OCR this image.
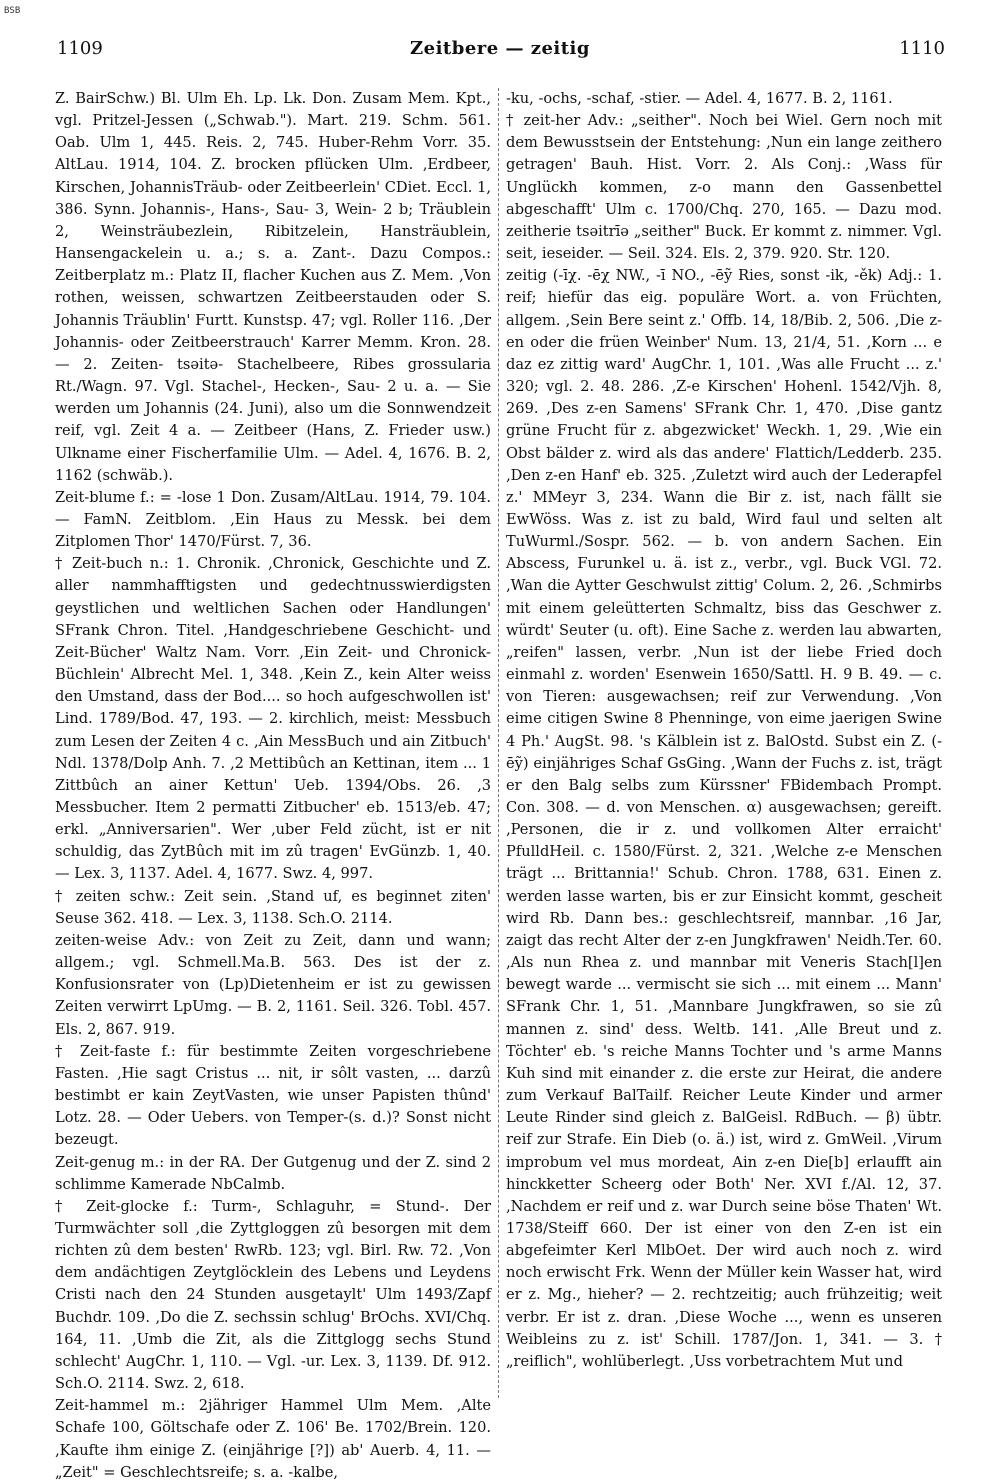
BSB
1109	Zeitbere — zeitig	1110

Z. BairSchw.) Bl. Ulm Eh. Lp. Lk. Don. Zusam Mem. Kpt., vgl. Pritzel-Jessen („Schwab."). Mart. 219. Schm. 561. Oab. Ulm 1, 445. Reis. 2, 745. Huber-Rehm Vorr. 35. AltLau. 1914, 104. Z. brocken pflücken Ulm. ‚Erdbeer, Kirschen, JohannisTräub- oder Zeitbeerlein' CDiet. Eccl. 1, 386. Synn. Johannis-, Hans-, Sau- 3, Wein- 2 b; Träublein 2, Weinsträubezlein, Ribitzelein, Hansträublein, Hansengackelein u. a.; s. a. Zant-. Dazu Compos.: Zeitberplatz m.: Platz II, flacher Kuchen aus Z. Mem. ‚Von rothen, weissen, schwartzen Zeitbeerstauden oder S. Johannis Träublin' Furtt. Kunstsp. 47; vgl. Roller 116. ‚Der Johannis- oder Zeitbeerstrauch' Karrer Memm. Kron. 28. — 2. Zeiten- tsəitə- Stachelbeere, Ribes grossularia Rt./Wagn. 97. Vgl. Stachel-, Hecken-, Sau- 2 u. a. — Sie werden um Johannis (24. Juni), also um die Sonnwendzeit reif, vgl. Zeit 4 a. — Zeitbeer (Hans, Z. Frieder usw.) Ulkname einer Fischerfamilie Ulm. — Adel. 4, 1676. B. 2, 1162 (schwäb.).

Zeit-blume f.: = -lose 1 Don. Zusam/AltLau. 1914, 79. 104. — FamN. Zeitblom. ‚Ein Haus zu Messk. bei dem Zitplomen Thor' 1470/Fürst. 7, 36.

† Zeit-buch n.: 1. Chronik. ‚Chronick, Geschichte und Z. aller nammhafftigsten und gedechtnusswierdigsten geystlichen und weltlichen Sachen oder Handlungen' SFrank Chron. Titel. ‚Handgeschriebene Geschicht- und Zeit-Bücher' Waltz Nam. Vorr. ‚Ein Zeit- und Chronick-Büchlein' Albrecht Mel. 1, 348. ‚Kein Z., kein Alter weiss den Umstand, dass der Bod.... so hoch aufgeschwollen ist' Lind. 1789/Bod. 47, 193. — 2. kirchlich, meist: Messbuch zum Lesen der Zeiten 4 c. ‚Ain MessBuch und ain Zitbuch' Ndl. 1378/Dolp Anh. 7. ‚2 Mettibûch an Kettinan, item ... 1 Zittbûch an ainer Kettun' Ueb. 1394/Obs. 26. ‚3 Messbucher. Item 2 permatti Zitbucher' eb. 1513/eb. 47; erkl. „Anniversarien". Wer ‚uber Feld zücht, ist er nit schuldig, das ZytBûch mit im zû tragen' EvGünzb. 1, 40. — Lex. 3, 1137. Adel. 4, 1677. Swz. 4, 997.

† zeiten schw.: Zeit sein. ‚Stand uf, es beginnet ziten' Seuse 362. 418. — Lex. 3, 1138. Sch.O. 2114.

zeiten-weise Adv.: von Zeit zu Zeit, dann und wann; allgem.; vgl. Schmell.Ma.B. 563. Des ist der z. Konfusionsrater von (Lp)Dietenheim er ist zu gewissen Zeiten verwirrt LpUmg. — B. 2, 1161. Seil. 326. Tobl. 457. Els. 2, 867. 919.

† Zeit-faste f.: für bestimmte Zeiten vorgeschriebene Fasten. ‚Hie sagt Cristus ... nit, ir sôlt vasten, ... darzû bestimbt er kain ZeytVasten, wie unser Papisten thûnd' Lotz. 28. — Oder Uebers. von Temper-(s. d.)? Sonst nicht bezeugt.

Zeit-genug m.: in der RA. Der Gutgenug und der Z. sind 2 schlimme Kamerade NbCalmb.

† Zeit-glocke f.: Turm-, Schlaguhr, = Stund-. Der Turmwächter soll ‚die Zyttgloggen zû besorgen mit dem richten zû dem besten' RwRb. 123; vgl. Birl. Rw. 72. ‚Von dem andächtigen Zeytglöcklein des Lebens und Leydens Cristi nach den 24 Stunden ausgetaylt' Ulm 1493/Zapf Buchdr. 109. ‚Do die Z. sechssin schlug' BrOchs. XVI/Chq. 164, 11. ‚Umb die Zit, als die Zittglogg sechs Stund schlecht' AugChr. 1, 110. — Vgl. -ur. Lex. 3, 1139. Df. 912. Sch.O. 2114. Swz. 2, 618.

Zeit-hammel m.: 2jähriger Hammel Ulm Mem. ‚Alte Schafe 100, Göltschafe oder Z. 106' Be. 1702/Brein. 120. ‚Kaufte ihm einige Z. (einjährige [?]) ab' Auerb. 4, 11. — „Zeit" = Geschlechtsreife; s. a. -kalbe,

-ku, -ochs, -schaf, -stier. — Adel. 4, 1677. B. 2, 1161.

† zeit-her Adv.: „seither". Noch bei Wiel. Gern noch mit dem Bewusstsein der Entstehung: ‚Nun ein lange zeithero getragen' Bauh. Hist. Vorr. 2. Als Conj.: ‚Wass für Unglückh kommen, z-o mann den Gassenbettel abgeschafft' Ulm c. 1700/Chq. 270, 165. — Dazu mod. zeitherie tsəitrīə „seither" Buck. Er kommt z. nimmer. Vgl. seit, ieseider. — Seil. 324. Els. 2, 379. 920. Str. 120.

zeitig (-īχ. -ēχ NW., -ī NO., -ēỹ Ries, sonst -ik, -ěk) Adj.: 1. reif; hiefür das eig. populäre Wort. a. von Früchten, allgem. ‚Sein Bere seint z.' Offb. 14, 18/Bib. 2, 506. ‚Die z-en oder die früen Weinber' Num. 13, 21/4, 51. ‚Korn ... e daz ez zittig ward' AugChr. 1, 101. ‚Was alle Frucht ... z.' 320; vgl. 2. 48. 286. ‚Z-e Kirschen' Hohenl. 1542/Vjh. 8, 269. ‚Des z-en Samens' SFrank Chr. 1, 470. ‚Dise gantz grüne Frucht für z. abgezwicket' Weckh. 1, 29. ‚Wie ein Obst bälder z. wird als das andere' Flattich/Ledderb. 235. ‚Den z-en Hanf' eb. 325. ‚Zuletzt wird auch der Lederapfel z.' MMeyr 3, 234. Wann die Bir z. ist, nach fällt sie EwWöss. Was z. ist zu bald, Wird faul und selten alt TuWurml./Sospr. 562. — b. von andern Sachen. Ein Abscess, Furunkel u. ä. ist z., verbr., vgl. Buck VGl. 72. ‚Wan die Aytter Geschwulst zittig' Colum. 2, 26. ‚Schmirbs mit einem geleütterten Schmaltz, biss das Geschwer z. würdt' Seuter (u. oft). Eine Sache z. werden lau abwarten, „reifen" lassen, verbr. ‚Nun ist der liebe Fried doch einmahl z. worden' Esenwein 1650/Sattl. H. 9 B. 49. — c. von Tieren: ausgewachsen; reif zur Verwendung. ‚Von eime citigen Swine 8 Phenninge, von eime jaerigen Swine 4 Ph.' AugSt. 98. 's Kälblein ist z. BalOstd. Subst ein Z. (-ēỹ) einjähriges Schaf GsGing. ‚Wann der Fuchs z. ist, trägt er den Balg selbs zum Kürssner' FBidembach Prompt. Con. 308. — d. von Menschen. α) ausgewachsen; gereift. ‚Personen, die ir z. und vollkomen Alter erraicht' PfulldHeil. c. 1580/Fürst. 2, 321. ‚Welche z-e Menschen trägt ... Brittannia!' Schub. Chron. 1788, 631. Einen z. werden lasse warten, bis er zur Einsicht kommt, gescheit wird Rb. Dann bes.: geschlechtsreif, mannbar. ‚16 Jar, zaigt das recht Alter der z-en Jungkfrawen' Neidh.Ter. 60. ‚Als nun Rhea z. und mannbar mit Veneris Stach[l]en bewegt warde ... vermischt sie sich ... mit einem ... Mann' SFrank Chr. 1, 51. ‚Mannbare Jungkfrawen, so sie zû mannen z. sind' dess. Weltb. 141. ‚Alle Breut und z. Töchter' eb. 's reiche Manns Tochter und 's arme Manns Kuh sind mit einander z. die erste zur Heirat, die andere zum Verkauf BalTailf. Reicher Leute Kinder und armer Leute Rinder sind gleich z. BalGeisl. RdBuch. — β) übtr. reif zur Strafe. Ein Dieb (o. ä.) ist, wird z. GmWeil. ‚Virum improbum vel mus mordeat, Ain z-en Die[b] erlaufft ain hinckketter Scheerg oder Both' Ner. XVI f./Al. 12, 37. ‚Nachdem er reif und z. war Durch seine böse Thaten' Wt. 1738/Steiff 660. Der ist einer von den Z-en ist ein abgefeimter Kerl MlbOet. Der wird auch noch z. wird noch erwischt Frk. Wenn der Müller kein Wasser hat, wird er z. Mg., hieher? — 2. rechtzeitig; auch frühzeitig; weit verbr. Er ist z. dran. ‚Diese Woche ..., wenn es unseren Weibleins zu z. ist' Schill. 1787/Jon. 1, 341. — 3. † „reiflich", wohlüberlegt. ‚Uss vorbetrachtem Mut und
